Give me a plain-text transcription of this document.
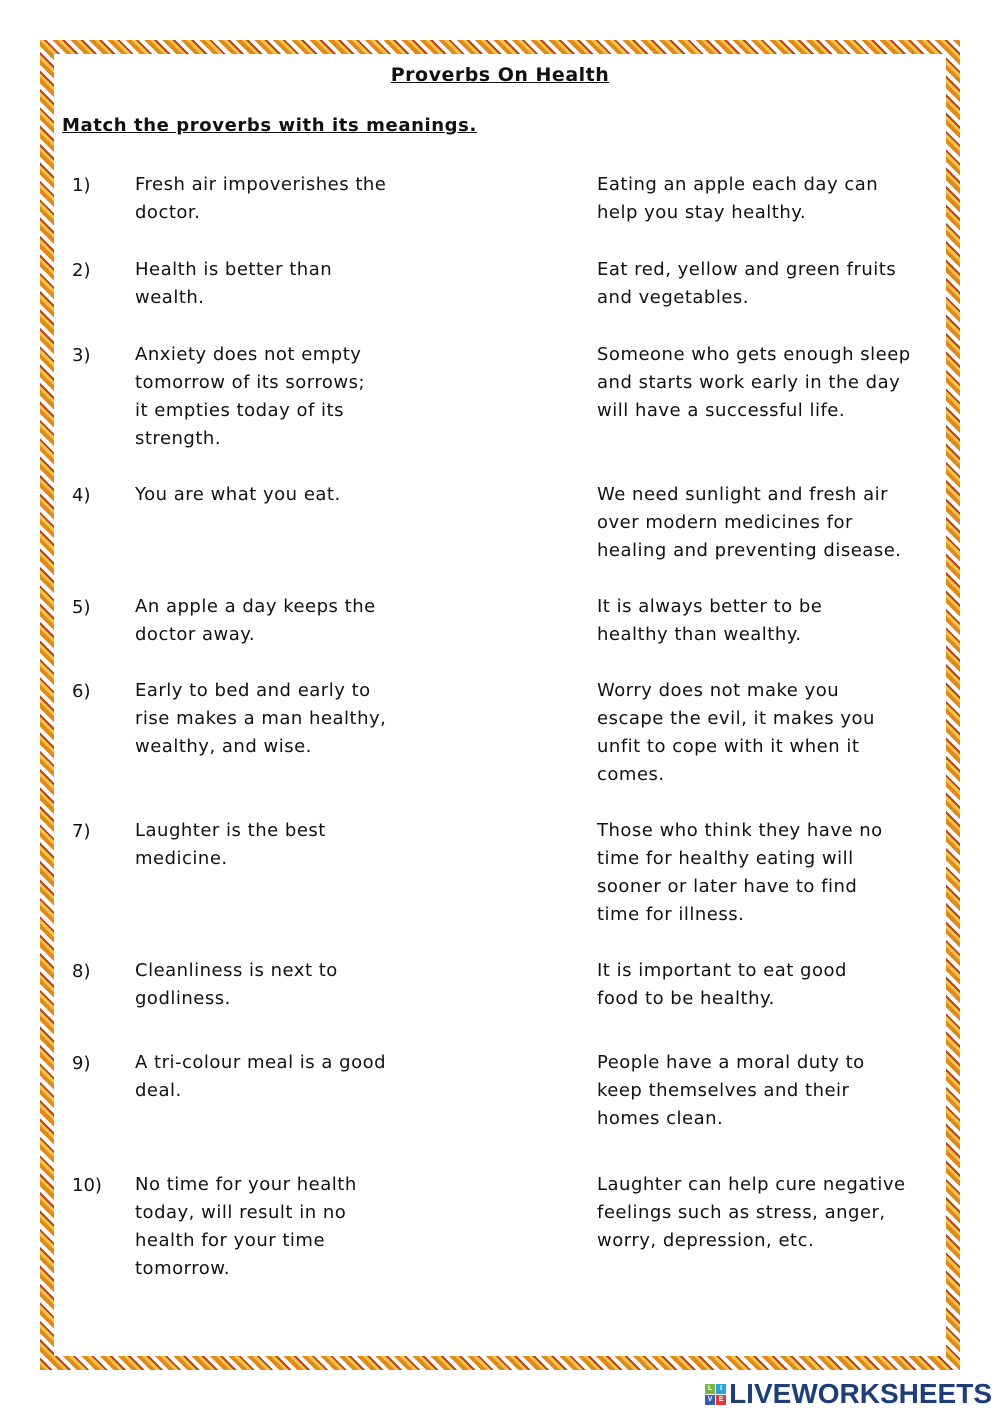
Proverbs On Health
Match the proverbs with its meanings.
1) Fresh air impoverishes the
doctor.
Eating an apple each day can
help you stay healthy.
2) Health is better than
wealth.
Eat red, yellow and green fruits
and vegetables.
3) Anxiety does not empty
tomorrow of its sorrows;
it empties today of its
strength.
Someone who gets enough sleep
and starts work early in the day
will have a successful life.
4) You are what you eat.	We need sunlight and fresh air
over modern medicines for
healing and preventing disease.
5) An apple a day keeps the
doctor away.
It is always better to be
healthy than wealthy.
6) Early to bed and early to
rise makes a man healthy,
wealthy, and wise.
Worry does not make you
escape the evil, it makes you
unfit to cope with it when it
comes.
7) Laughter is the best
medicine.
Those who think they have no
time for healthy eating will
sooner or later have to find
time for illness.
8) Cleanliness is next to
godliness.
It is important to eat good
food to be healthy.
9) A tri-colour meal is a good
deal.
People have a moral duty to
keep themselves and their
homes clean.
10) No time for your health
today, will result in no
health for your time
tomorrow.
Laughter can help cure negative
feelings such as stress, anger,
worry, depression, etc.
L	I
V E LIVEWORKSHEETS
